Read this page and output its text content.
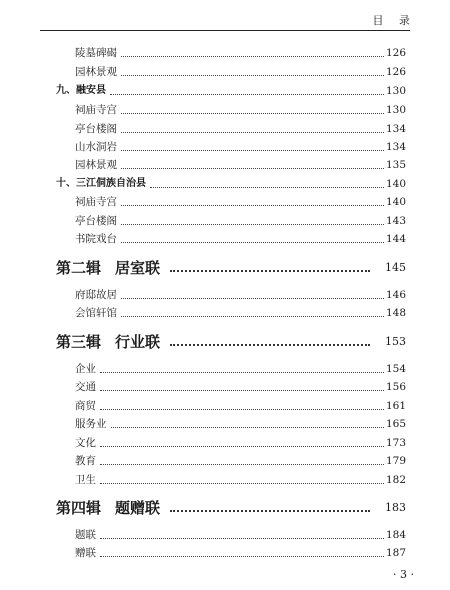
目 录
陵墓碑碣	126
园林景观	126
九、融安县	130
祠庙寺宫	130
亭台楼阁	134
山水洞岩	134
园林景观	135
十、三江侗族自治县	140
祠庙寺宫	140
亭台楼阁	143
书院戏台	144
第二辑 居室联	145
府邸故居	146
会馆轩馆	148
第三辑 行业联	153
企业	154
交通	156
商贸	161
服务业	165
文化	173
教育	179
卫生	182
第四辑 题赠联	183
题联	184
赠联	187
· 3 ·
